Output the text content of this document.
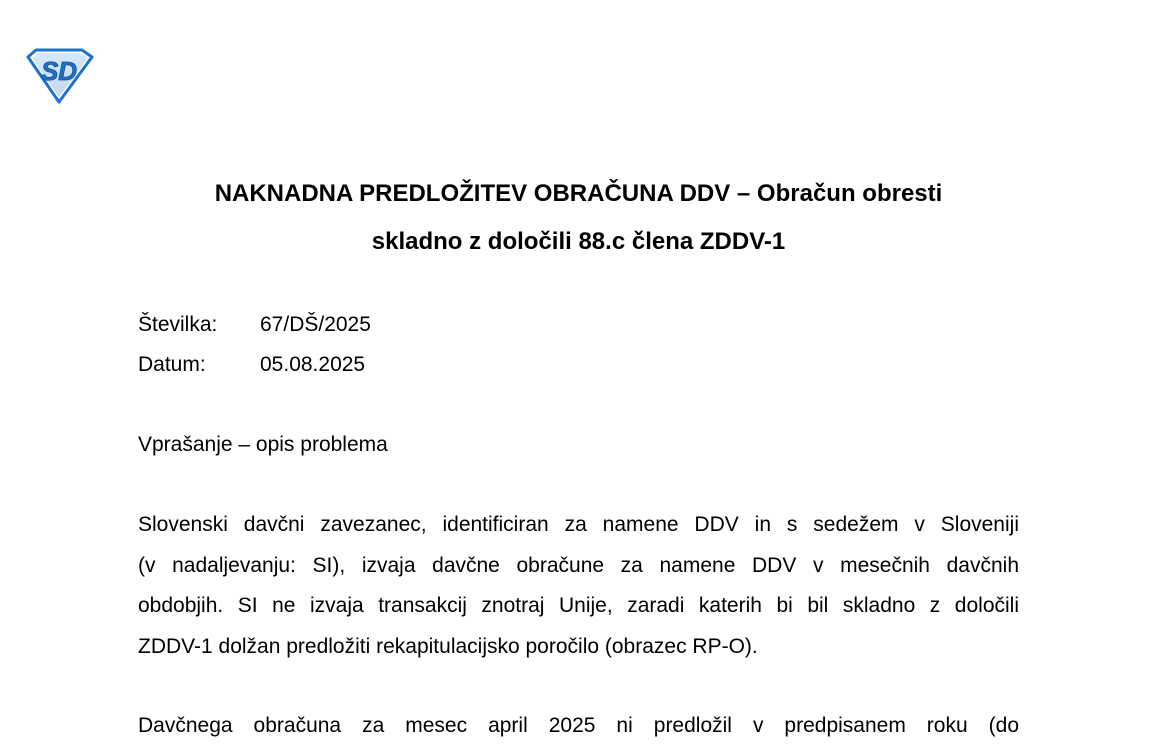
SD
NAKNADNA PREDLOŽITEV OBRAČUNA DDV – Obračun obresti
skladno z določili 88.c člena ZDDV-1
Številka: 67/DŠ/2025
Datum:	05.08.2025
Vprašanje – opis problema
Slovenski davčni zavezanec, identificiran za namene DDV in s sedežem v Sloveniji
(v nadaljevanju: SI), izvaja davčne obračune za namene DDV v mesečnih davčnih
obdobjih. SI ne izvaja transakcij znotraj Unije, zaradi katerih bi bil skladno z določili
ZDDV-1 dolžan predložiti rekapitulacijsko poročilo (obrazec RP-O).
Davčnega obračuna za mesec april 2025 ni predložil v predpisanem roku (do
